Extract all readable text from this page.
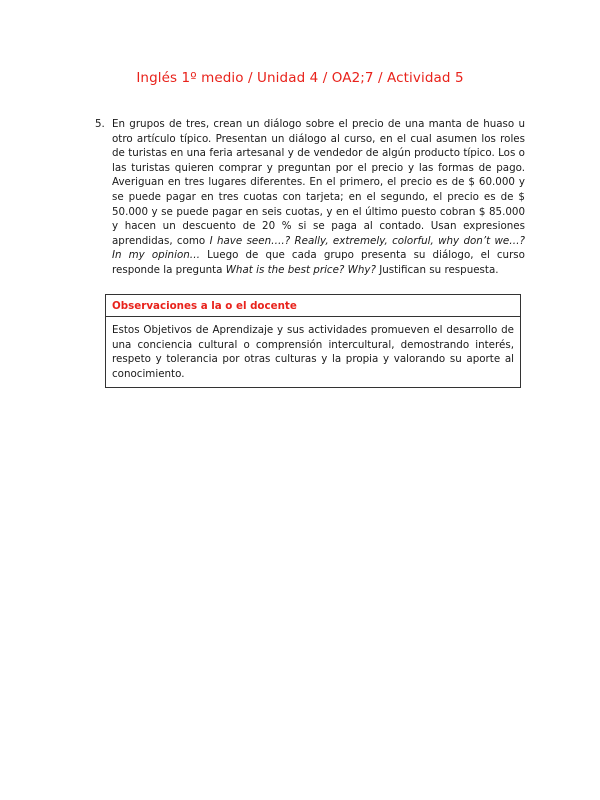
Inglés 1º medio / Unidad 4 / OA2;7 / Actividad 5
5. En grupos de tres, crean un diálogo sobre el precio de una manta de huaso u otro artículo típico. Presentan un diálogo al curso, en el cual asumen los roles de turistas en una feria artesanal y de vendedor de algún producto típico. Los o las turistas quieren comprar y preguntan por el precio y las formas de pago. Averiguan en tres lugares diferentes. En el primero, el precio es de $ 60.000 y se puede pagar en tres cuotas con tarjeta; en el segundo, el precio es de $ 50.000 y se puede pagar en seis cuotas, y en el último puesto cobran $ 85.000 y hacen un descuento de 20 % si se paga al contado. Usan expresiones aprendidas, como I have seen….? Really, extremely, colorful, why don’t we…? In my opinion… Luego de que cada grupo presenta su diálogo, el curso responde la pregunta What is the best price? Why? Justifican su respuesta.
Observaciones a la o el docente
Estos Objetivos de Aprendizaje y sus actividades promueven el desarrollo de una conciencia cultural o comprensión intercultural, demostrando interés, respeto y tolerancia por otras culturas y la propia y valorando su aporte al conocimiento.
